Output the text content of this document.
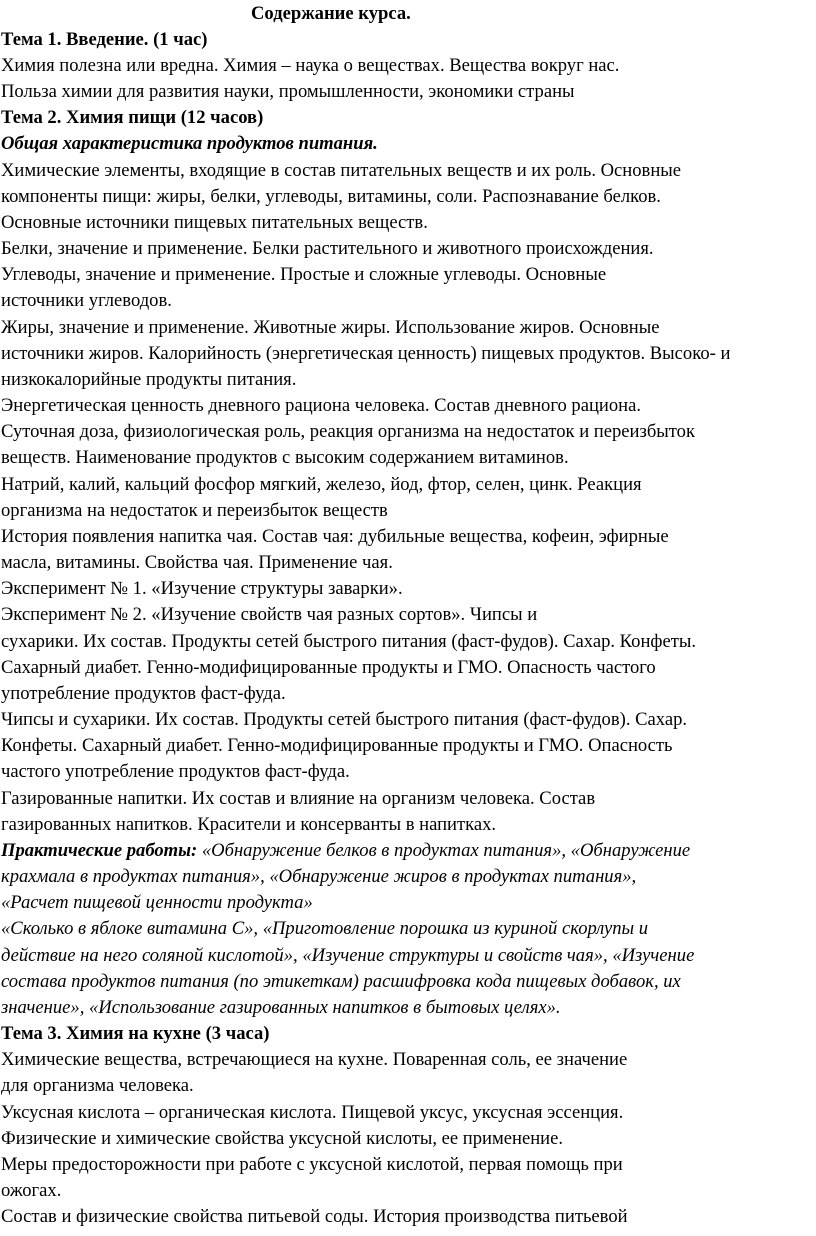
Содержание курса.
Тема 1. Введение. (1 час)
Химия полезна или вредна. Химия – наука о веществах. Вещества вокруг нас.
Польза химии для развития науки, промышленности, экономики страны
Тема 2. Химия пищи (12 часов)
Общая характеристика продуктов питания.
Химические элементы, входящие в состав питательных веществ и их роль. Основные
компоненты пищи: жиры, белки, углеводы, витамины, соли. Распознавание белков.
Основные источники пищевых питательных веществ.
Белки, значение и применение. Белки растительного и животного происхождения.
Углеводы, значение и применение. Простые и сложные углеводы. Основные
источники углеводов.
Жиры, значение и применение. Животные жиры. Использование жиров. Основные
источники жиров. Калорийность (энергетическая ценность) пищевых продуктов. Высоко- и
низкокалорийные продукты питания.
Энергетическая ценность дневного рациона человека. Состав дневного рациона.
Суточная доза, физиологическая роль, реакция организма на недостаток и переизбыток
веществ. Наименование продуктов с высоким содержанием витаминов.
Натрий, калий, кальций фосфор мягкий, железо, йод, фтор, селен, цинк. Реакция
организма на недостаток и переизбыток веществ
История появления напитка чая. Состав чая: дубильные вещества, кофеин, эфирные
масла, витамины. Свойства чая. Применение чая.
Эксперимент № 1. «Изучение структуры заварки».
Эксперимент № 2. «Изучение свойств чая разных сортов». Чипсы и
сухарики. Их состав. Продукты сетей быстрого питания (фаст-фудов). Сахар. Конфеты.
Сахарный диабет. Генно-модифицированные продукты и ГМО. Опасность частого
употребление продуктов фаст-фуда.
Чипсы и сухарики. Их состав. Продукты сетей быстрого питания (фаст-фудов). Сахар.
Конфеты. Сахарный диабет. Генно-модифицированные продукты и ГМО. Опасность
частого употребление продуктов фаст-фуда.
Газированные напитки. Их состав и влияние на организм человека. Состав
газированных напитков. Красители и консерванты в напитках.
Практические работы: «Обнаружение белков в продуктах питания», «Обнаружение
крахмала в продуктах питания», «Обнаружение жиров в продуктах питания»,
«Расчет пищевой ценности продукта»
«Сколько в яблоке витамина С», «Приготовление порошка из куриной скорлупы и
действие на него соляной кислотой», «Изучение структуры и свойств чая», «Изучение
состава продуктов питания (по этикеткам) расшифровка кода пищевых добавок, их
значение», «Использование газированных напитков в бытовых целях».
Тема 3. Химия на кухне (3 часа)
Химические вещества, встречающиеся на кухне. Поваренная соль, ее значение
для организма человека.
Уксусная кислота – органическая кислота. Пищевой уксус, уксусная эссенция.
Физические и химические свойства уксусной кислоты, ее применение.
Меры предосторожности при работе с уксусной кислотой, первая помощь при
ожогах.
Состав и физические свойства питьевой соды. История производства питьевой
